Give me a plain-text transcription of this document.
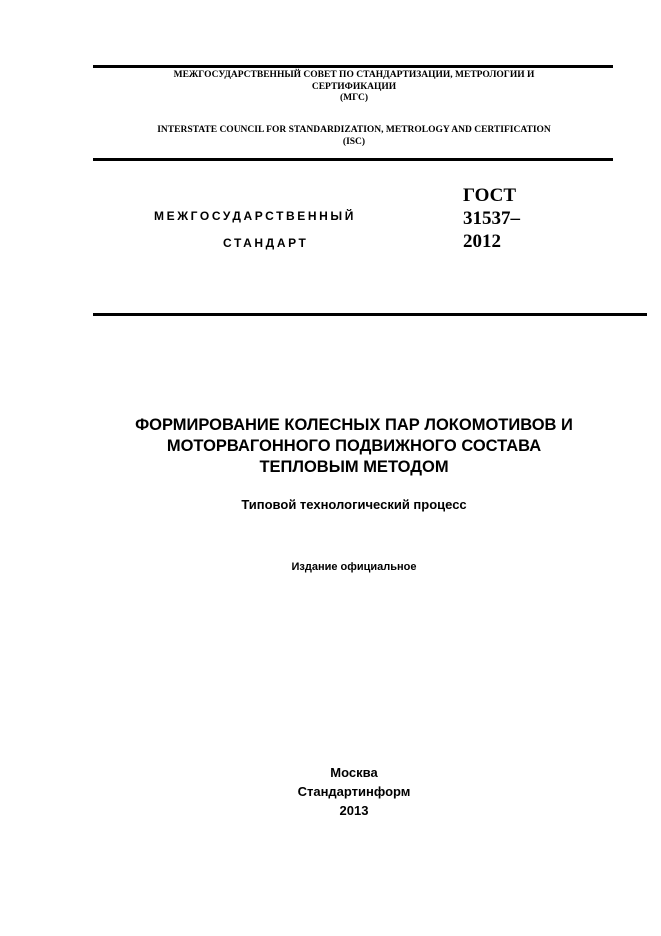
МЕЖГОСУДАРСТВЕННЫЙ СОВЕТ ПО СТАНДАРТИЗАЦИИ, МЕТРОЛОГИИ И
СЕРТИФИКАЦИИ
(МГС)
INTERSTATE COUNCIL FOR STANDARDIZATION, METROLOGY AND CERTIFICATION
(ISC)
МЕЖГОСУДАРСТВЕННЫЙ
СТАНДАРТ
ГОСТ
31537–
2012
ФОРМИРОВАНИЕ КОЛЕСНЫХ ПАР ЛОКОМОТИВОВ И
МОТОРВАГОННОГО ПОДВИЖНОГО СОСТАВА
ТЕПЛОВЫМ МЕТОДОМ
Типовой технологический процесс
Издание официальное
Москва
Стандартинформ
2013
